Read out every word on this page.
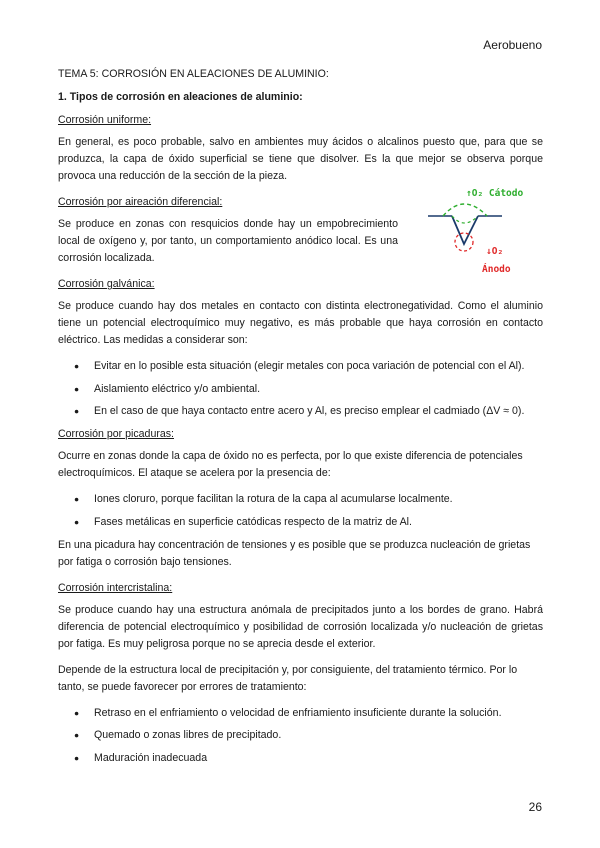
Aerobueno
TEMA 5: CORROSIÓN EN ALEACIONES DE ALUMINIO:
1. Tipos de corrosión en aleaciones de aluminio:
Corrosión uniforme:

En general, es poco probable, salvo en ambientes muy ácidos o alcalinos puesto que, para que se produzca, la capa de óxido superficial se tiene que disolver. Es la que mejor se observa porque provoca una reducción de la sección de la pieza.

Corrosión por aireación diferencial:

Se produce en zonas con resquicios donde hay un empobrecimiento local de oxígeno y, por tanto, un comportamiento anódico local. Es una corrosión localizada.

↑O₂ Cátodo
↓O₂
Ánodo
Corrosión galvánica:

Se produce cuando hay dos metales en contacto con distinta electronegatividad. Como el aluminio tiene un potencial electroquímico muy negativo, es más probable que haya corrosión en contacto eléctrico. Las medidas a considerar son:

● Evitar en lo posible esta situación (elegir metales con poca variación de potencial con el Al).
● Aislamiento eléctrico y/o ambiental.
● En el caso de que haya contacto entre acero y Al, es preciso emplear el cadmiado (ΔV ≈ 0).
Corrosión por picaduras:

Ocurre en zonas donde la capa de óxido no es perfecta, por lo que existe diferencia de potenciales electroquímicos. El ataque se acelera por la presencia de:

● Iones cloruro, porque facilitan la rotura de la capa al acumularse localmente.
● Fases metálicas en superficie catódicas respecto de la matriz de Al.

En una picadura hay concentración de tensiones y es posible que se produzca nucleación de grietas por fatiga o corrosión bajo tensiones.

Corrosión intercristalina:

Se produce cuando hay una estructura anómala de precipitados junto a los bordes de grano. Habrá diferencia de potencial electroquímico y posibilidad de corrosión localizada y/o nucleación de grietas por fatiga. Es muy peligrosa porque no se aprecia desde el exterior.

Depende de la estructura local de precipitación y, por consiguiente, del tratamiento térmico. Por lo tanto, se puede favorecer por errores de tratamiento:

● Retraso en el enfriamiento o velocidad de enfriamiento insuficiente durante la solución.
● Quemado o zonas libres de precipitado.
● Maduración inadecuada
26
